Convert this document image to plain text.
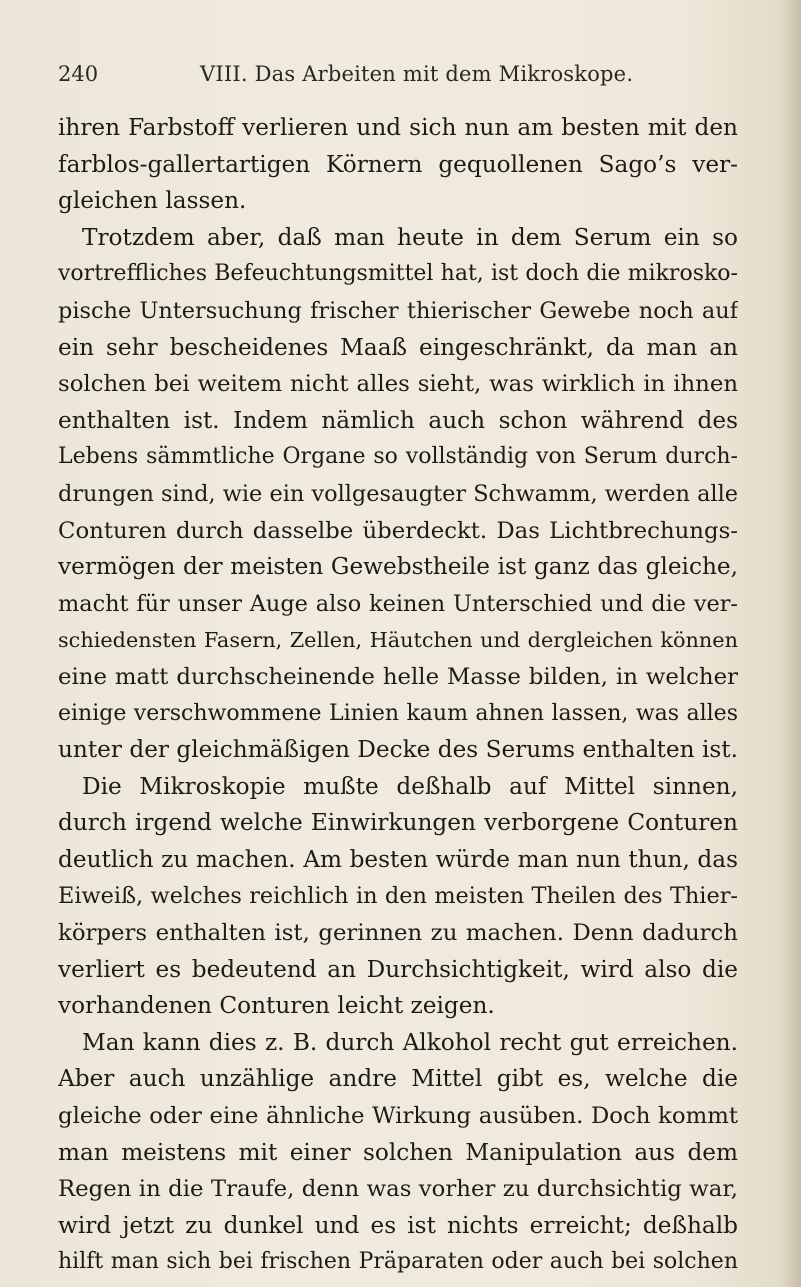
240	VIII. Das Arbeiten mit dem Mikroskope.
ihren Farbstoff verlieren und sich nun am besten mit den
farblos-gallertartigen Körnern gequollenen Sago’s ver-
gleichen lassen.
Trotzdem aber, daß man heute in dem Serum ein so
vortreffliches Befeuchtungsmittel hat, ist doch die mikrosko-
pische Untersuchung frischer thierischer Gewebe noch auf
ein sehr bescheidenes Maaß eingeschränkt, da man an
solchen bei weitem nicht alles sieht, was wirklich in ihnen
enthalten ist. Indem nämlich auch schon während des
Lebens sämmtliche Organe so vollständig von Serum durch-
drungen sind, wie ein vollgesaugter Schwamm, werden alle
Conturen durch dasselbe überdeckt. Das Lichtbrechungs-
vermögen der meisten Gewebstheile ist ganz das gleiche,
macht für unser Auge also keinen Unterschied und die ver-
schiedensten Fasern, Zellen, Häutchen und dergleichen können
eine matt durchscheinende helle Masse bilden, in welcher
einige verschwommene Linien kaum ahnen lassen, was alles
unter der gleichmäßigen Decke des Serums enthalten ist.
Die Mikroskopie mußte deßhalb auf Mittel sinnen,
durch irgend welche Einwirkungen verborgene Conturen
deutlich zu machen. Am besten würde man nun thun, das
Eiweiß, welches reichlich in den meisten Theilen des Thier-
körpers enthalten ist, gerinnen zu machen. Denn dadurch
verliert es bedeutend an Durchsichtigkeit, wird also die
vorhandenen Conturen leicht zeigen.
Man kann dies z. B. durch Alkohol recht gut erreichen.
Aber auch unzählige andre Mittel gibt es, welche die
gleiche oder eine ähnliche Wirkung ausüben. Doch kommt
man meistens mit einer solchen Manipulation aus dem
Regen in die Traufe, denn was vorher zu durchsichtig war,
wird jetzt zu dunkel und es ist nichts erreicht; deßhalb
hilft man sich bei frischen Präparaten oder auch bei solchen
